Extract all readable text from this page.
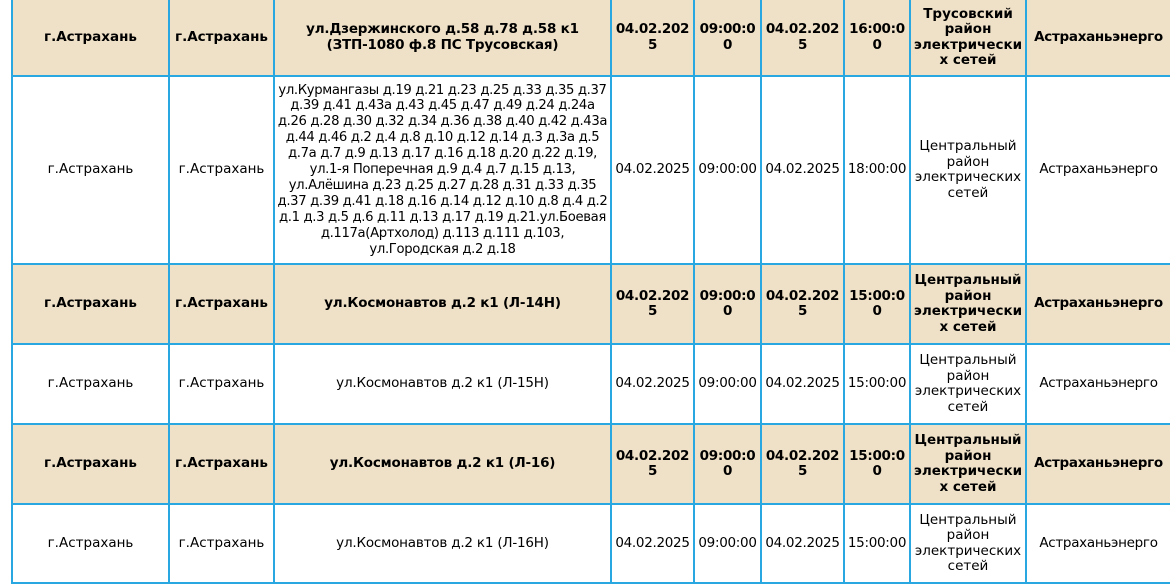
г.Астрахань	г.Астрахань	ул.Дзержинского д.58 д.78 д.58 к1 (ЗТП-1080 ф.8 ПС Трусовская)	04.02.2025	09:00:00	04.02.2025	16:00:00	Трусовский район электрических сетей	Астраханьэнерго
г.Астрахань	г.Астрахань	ул.Курмангазы д.19 д.21 д.23 д.25 д.33 д.35 д.37 д.39 д.41 д.43а д.43 д.45 д.47 д.49 д.24 д.24а д.26 д.28 д.30 д.32 д.34 д.36 д.38 д.40 д.42 д.43а д.44 д.46 д.2 д.4 д.8 д.10 д.12 д.14 д.3 д.3а д.5 д.7а д.7 д.9 д.13 д.17 д.16 д.18 д.20 д.22 д.19, ул.1-я Поперечная д.9 д.4 д.7 д.15 д.13, ул.Алёшина д.23 д.25 д.27 д.28 д.31 д.33 д.35 д.37 д.39 д.41 д.18 д.16 д.14 д.12 д.10 д.8 д.4 д.2 д.1 д.3 д.5 д.6 д.11 д.13 д.17 д.19 д.21.ул.Боевая д.117а(Артхолод) д.113 д.111 д.103, ул.Городская д.2 д.18	04.02.2025	09:00:00	04.02.2025	18:00:00	Центральный район электрических сетей	Астраханьэнерго
г.Астрахань	г.Астрахань	ул.Космонавтов д.2 к1 (Л-14Н)	04.02.2025	09:00:00	04.02.2025	15:00:00	Центральный район электрических сетей	Астраханьэнерго
г.Астрахань	г.Астрахань	ул.Космонавтов д.2 к1 (Л-15Н)	04.02.2025	09:00:00	04.02.2025	15:00:00	Центральный район электрических сетей	Астраханьэнерго
г.Астрахань	г.Астрахань	ул.Космонавтов д.2 к1 (Л-16)	04.02.2025	09:00:00	04.02.2025	15:00:00	Центральный район электрических сетей	Астраханьэнерго
г.Астрахань	г.Астрахань	ул.Космонавтов д.2 к1 (Л-16Н)	04.02.2025	09:00:00	04.02.2025	15:00:00	Центральный район электрических сетей	Астраханьэнерго
